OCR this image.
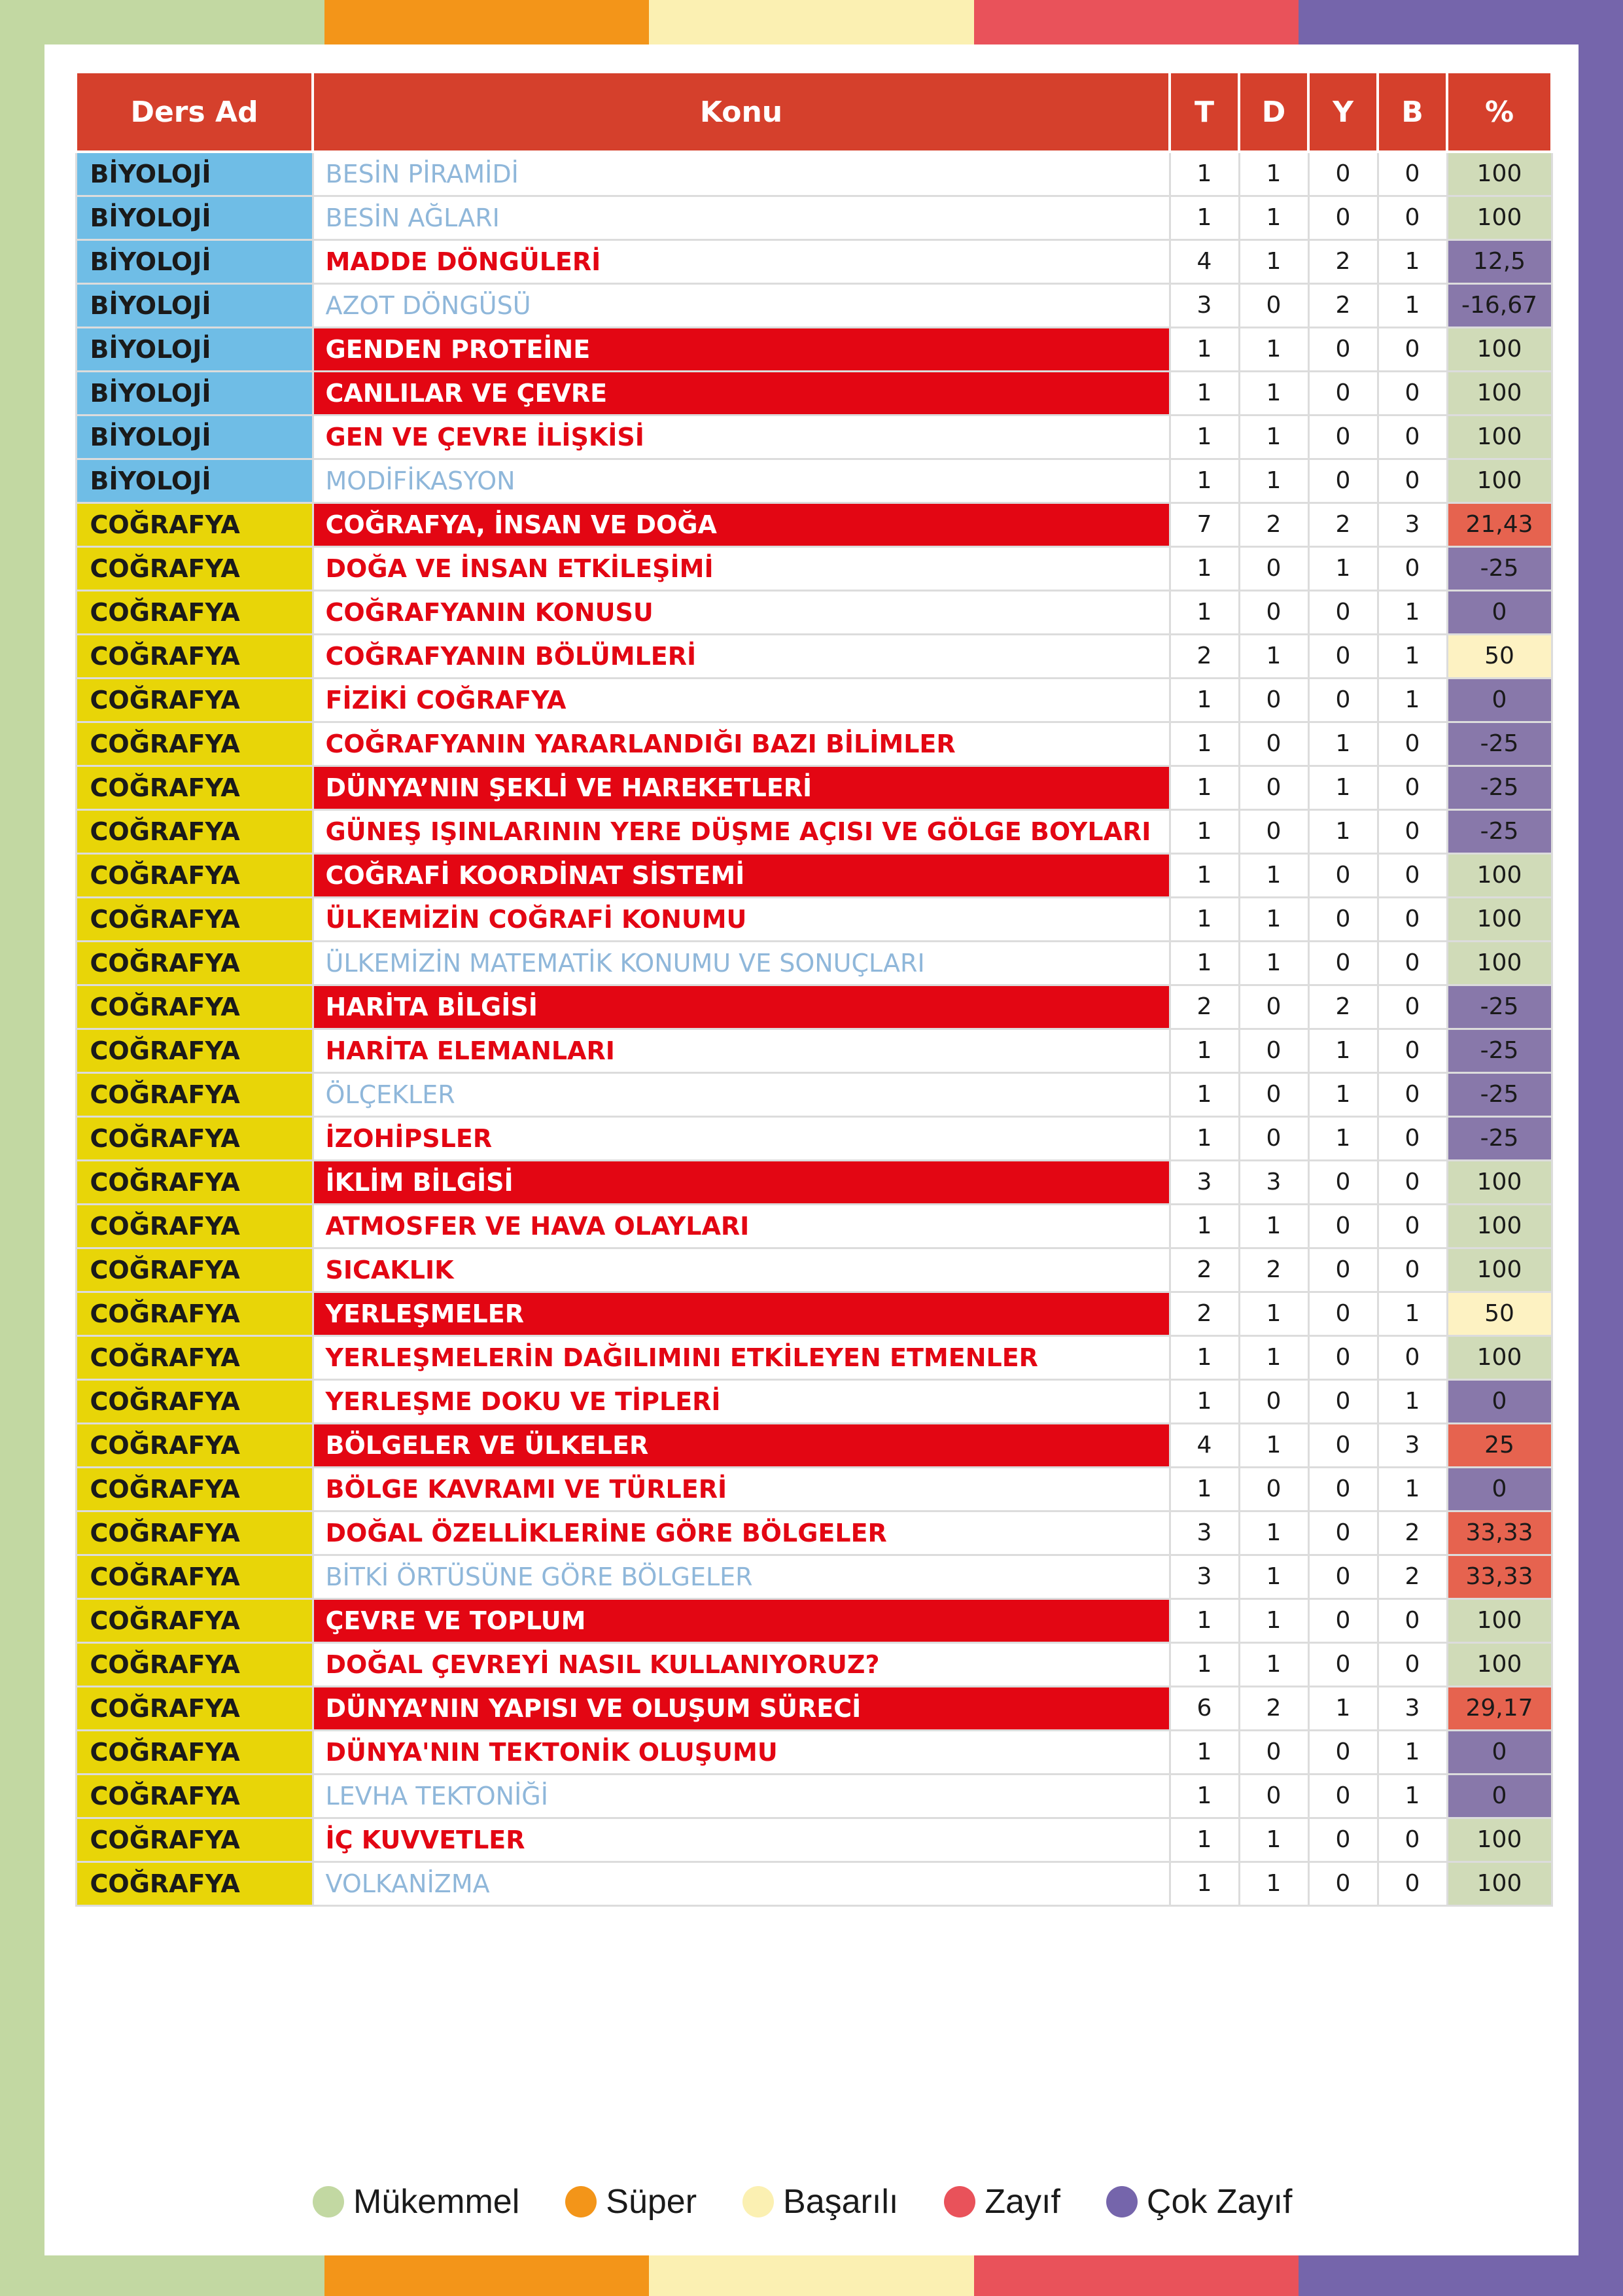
Ders Ad	Konu	T	D	Y	B	%
BİYOLOJİ	BESİN PİRAMİDİ	1	1	0	0	100
BİYOLOJİ	BESİN AĞLARI	1	1	0	0	100
BİYOLOJİ	MADDE DÖNGÜLERİ	4	1	2	1	12,5
BİYOLOJİ	AZOT DÖNGÜSÜ	3	0	2	1	-16,67
BİYOLOJİ	GENDEN PROTEİNE	1	1	0	0	100
BİYOLOJİ	CANLILAR VE ÇEVRE	1	1	0	0	100
BİYOLOJİ	GEN VE ÇEVRE İLİŞKİSİ	1	1	0	0	100
BİYOLOJİ	MODİFİKASYON	1	1	0	0	100
COĞRAFYA	COĞRAFYA, İNSAN VE DOĞA	7	2	2	3	21,43
COĞRAFYA	DOĞA VE İNSAN ETKİLEŞİMİ	1	0	1	0	-25
COĞRAFYA	COĞRAFYANIN KONUSU	1	0	0	1	0
COĞRAFYA	COĞRAFYANIN BÖLÜMLERİ	2	1	0	1	50
COĞRAFYA	FİZİKİ COĞRAFYA	1	0	0	1	0
COĞRAFYA	COĞRAFYANIN YARARLANDIĞI BAZI BİLİMLER	1	0	1	0	-25
COĞRAFYA	DÜNYA’NIN ŞEKLİ VE HAREKETLERİ	1	0	1	0	-25
COĞRAFYA	GÜNEŞ IŞINLARININ YERE DÜŞME AÇISI VE GÖLGE BOYLARI	1	0	1	0	-25
COĞRAFYA	COĞRAFİ KOORDİNAT SİSTEMİ	1	1	0	0	100
COĞRAFYA	ÜLKEMİZİN COĞRAFİ KONUMU	1	1	0	0	100
COĞRAFYA	ÜLKEMİZİN MATEMATİK KONUMU VE SONUÇLARI	1	1	0	0	100
COĞRAFYA	HARİTA BİLGİSİ	2	0	2	0	-25
COĞRAFYA	HARİTA ELEMANLARI	1	0	1	0	-25
COĞRAFYA	ÖLÇEKLER	1	0	1	0	-25
COĞRAFYA	İZOHİPSLER	1	0	1	0	-25
COĞRAFYA	İKLİM BİLGİSİ	3	3	0	0	100
COĞRAFYA	ATMOSFER VE HAVA OLAYLARI	1	1	0	0	100
COĞRAFYA	SICAKLIK	2	2	0	0	100
COĞRAFYA	YERLEŞMELER	2	1	0	1	50
COĞRAFYA	YERLEŞMELERİN DAĞILIMINI ETKİLEYEN ETMENLER	1	1	0	0	100
COĞRAFYA	YERLEŞME DOKU VE TİPLERİ	1	0	0	1	0
COĞRAFYA	BÖLGELER VE ÜLKELER	4	1	0	3	25
COĞRAFYA	BÖLGE KAVRAMI VE TÜRLERİ	1	0	0	1	0
COĞRAFYA	DOĞAL ÖZELLİKLERİNE GÖRE BÖLGELER	3	1	0	2	33,33
COĞRAFYA	BİTKİ ÖRTÜSÜNE GÖRE BÖLGELER	3	1	0	2	33,33
COĞRAFYA	ÇEVRE VE TOPLUM	1	1	0	0	100
COĞRAFYA	DOĞAL ÇEVREYİ NASIL KULLANIYORUZ?	1	1	0	0	100
COĞRAFYA	DÜNYA’NIN YAPISI VE OLUŞUM SÜRECİ	6	2	1	3	29,17
COĞRAFYA	DÜNYA'NIN TEKTONİK OLUŞUMU	1	0	0	1	0
COĞRAFYA	LEVHA TEKTONİĞİ	1	0	0	1	0
COĞRAFYA	İÇ KUVVETLER	1	1	0	0	100
COĞRAFYA	VOLKANİZMA	1	1	0	0	100
Mükemmel	Süper	Başarılı	Zayıf	Çok Zayıf
